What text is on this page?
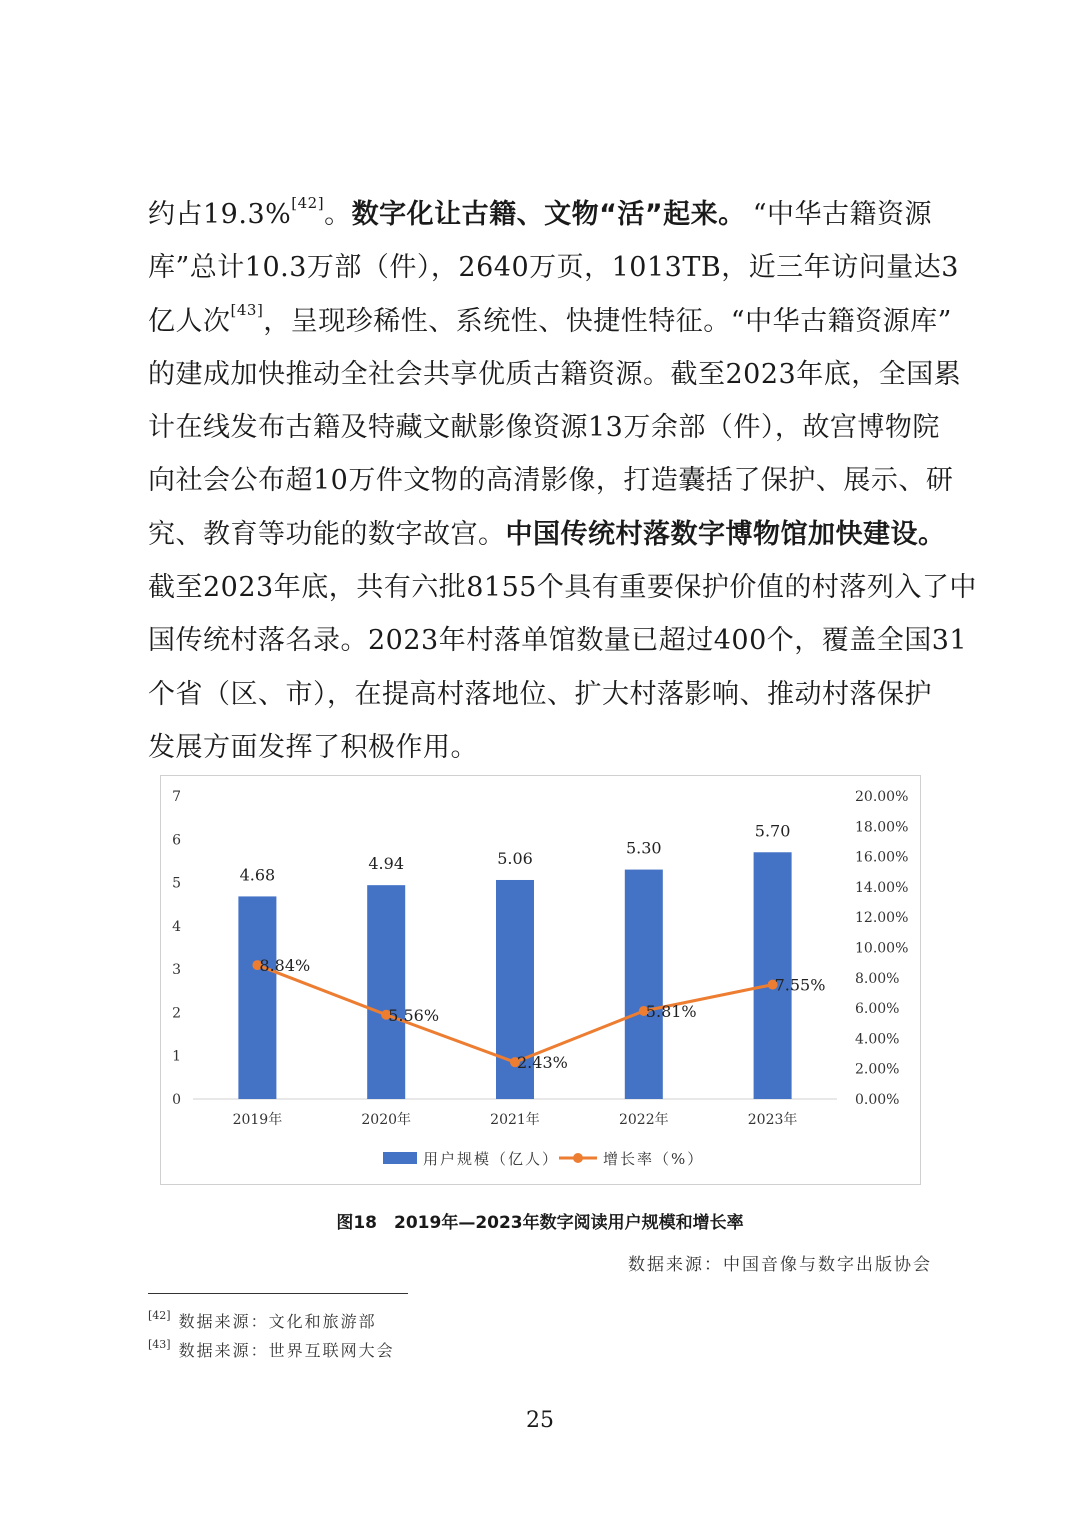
约占19.3%[42]。数字化让古籍、文物“活”起来。 “中华古籍资源
库”总计10.3万部（件），2640万页，1013TB，近三年访问量达3
亿人次[43]，呈现珍稀性、系统性、快捷性特征。“中华古籍资源库”
的建成加快推动全社会共享优质古籍资源。截至2023年底，全国累
计在线发布古籍及特藏文献影像资源13万余部（件），故宫博物院
向社会公布超10万件文物的高清影像，打造囊括了保护、展示、研
究、教育等功能的数字故宫。中国传统村落数字博物馆加快建设。
截至2023年底，共有六批8155个具有重要保护价值的村落列入了中
国传统村落名录。2023年村落单馆数量已超过400个，覆盖全国31
个省（区、市），在提高村落地位、扩大村落影响、推动村落保护
发展方面发挥了积极作用。
0
1
2
3
4
5
6
7
0.00%
2.00%
4.00%
6.00%
8.00%
10.00%
12.00%
14.00%
16.00%
18.00%
20.00%
4.68
2019年
4.94
2020年
5.06
2021年
5.30
2022年
5.70
2023年
8.84%
5.56%
2.43%
5.81%
7.55%
用户规模（亿人）	增长率（%）
图18　2019年—2023年数字阅读用户规模和增长率
数据来源：中国音像与数字出版协会
[42] 数据来源：文化和旅游部
[43] 数据来源：世界互联网大会
25
